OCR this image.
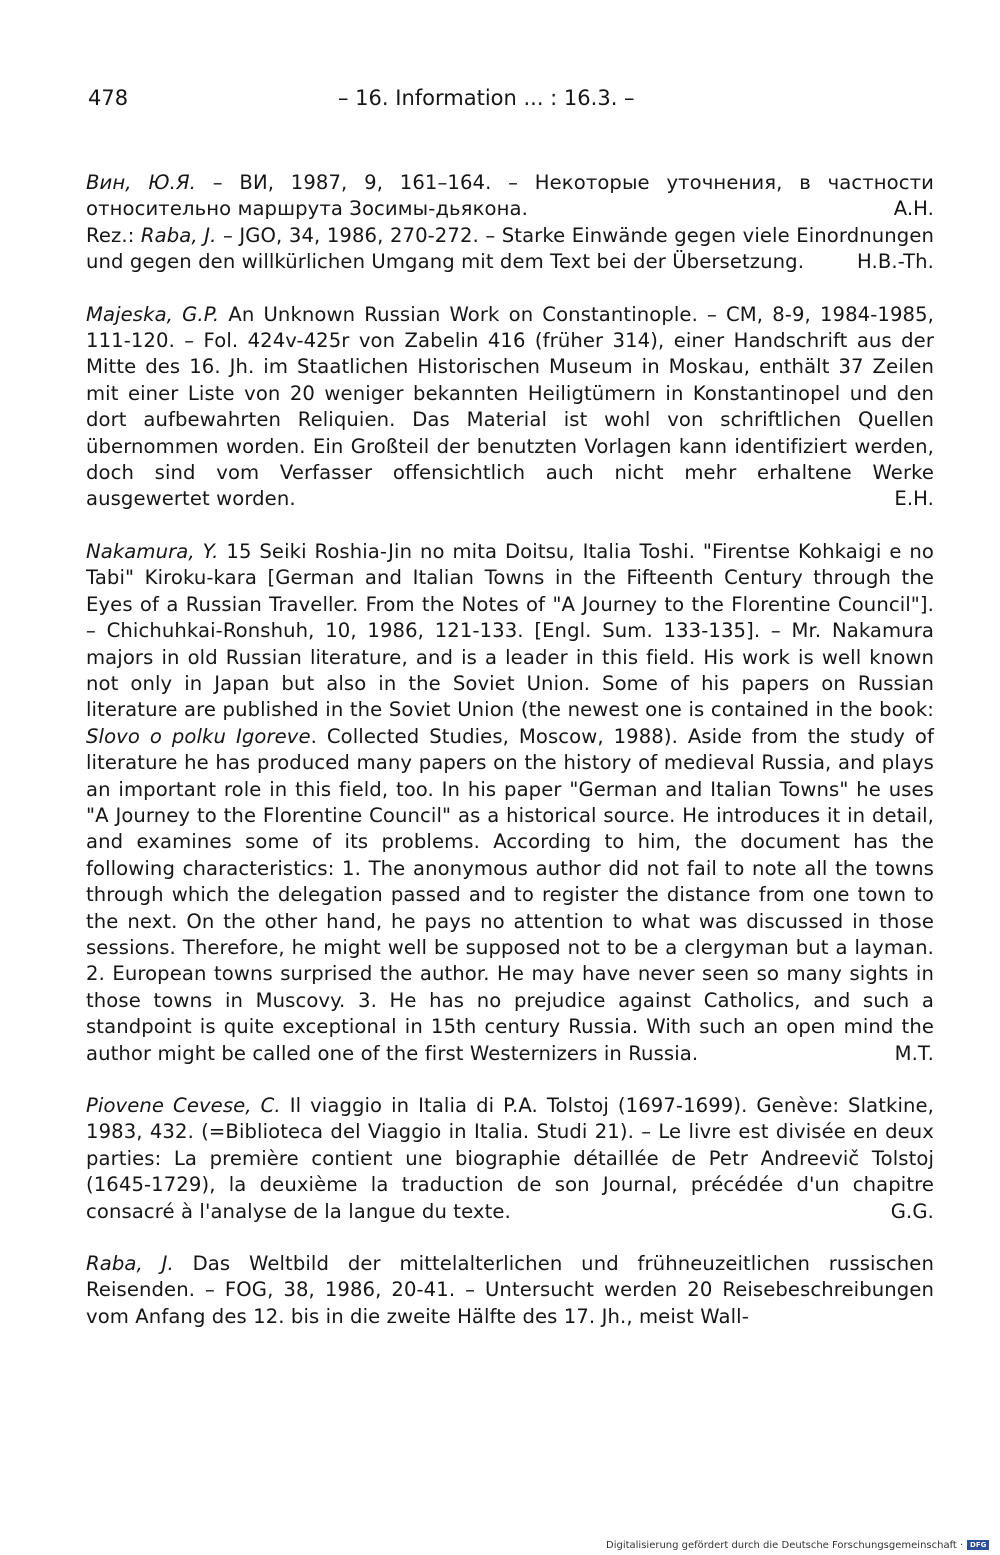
478	– 16. Information ... : 16.3. –

Вин, Ю.Я. – ВИ, 1987, 9, 161–164. – Некоторые уточнения, в частности относительно маршрута Зосимы-дьякона.	A.H.

Rez.: Raba, J. – JGO, 34, 1986, 270-272. – Starke Einwände gegen viele Einordnungen und gegen den willkürlichen Umgang mit dem Text bei der Übersetzung.	H.B.-Th.

Majeska, G.P. An Unknown Russian Work on Constantinople. – CM, 8-9, 1984-1985, 111-120. – Fol. 424v-425r von Zabelin 416 (früher 314), einer Handschrift aus der Mitte des 16. Jh. im Staatlichen Historischen Museum in Moskau, enthält 37 Zeilen mit einer Liste von 20 weniger bekannten Heiligtümern in Konstantinopel und den dort aufbewahrten Reliquien. Das Material ist wohl von schriftlichen Quellen übernommen worden. Ein Großteil der benutzten Vorlagen kann identifiziert werden, doch sind vom Verfasser offensichtlich auch nicht mehr erhaltene Werke ausgewertet worden.	E.H.

Nakamura, Y. 15 Seiki Roshia-Jin no mita Doitsu, Italia Toshi. "Firentse Kohkaigi e no Tabi" Kiroku-kara [German and Italian Towns in the Fifteenth Century through the Eyes of a Russian Traveller. From the Notes of "A Journey to the Florentine Council"]. – Chichuhkai-Ronshuh, 10, 1986, 121-133. [Engl. Sum. 133-135]. – Mr. Nakamura majors in old Russian literature, and is a leader in this field. His work is well known not only in Japan but also in the Soviet Union. Some of his papers on Russian literature are published in the Soviet Union (the newest one is contained in the book: Slovo o polku Igoreve. Collected Studies, Moscow, 1988). Aside from the study of literature he has produced many papers on the history of medieval Russia, and plays an important role in this field, too. In his paper "German and Italian Towns" he uses "A Journey to the Florentine Council" as a historical source. He introduces it in detail, and examines some of its problems. According to him, the document has the following characteristics: 1. The anonymous author did not fail to note all the towns through which the delegation passed and to register the distance from one town to the next. On the other hand, he pays no attention to what was discussed in those sessions. Therefore, he might well be supposed not to be a clergyman but a layman. 2. European towns surprised the author. He may have never seen so many sights in those towns in Muscovy. 3. He has no prejudice against Catholics, and such a standpoint is quite exceptional in 15th century Russia. With such an open mind the author might be called one of the first Westernizers in Russia.	M.T.

Piovene Cevese, C. Il viaggio in Italia di P.A. Tolstoj (1697-1699). Genève: Slatkine, 1983, 432. (=Biblioteca del Viaggio in Italia. Studi 21). – Le livre est divisée en deux parties: La première contient une biographie détaillée de Petr Andreevič Tolstoj (1645-1729), la deuxième la traduction de son Journal, précédée d'un chapitre consacré à l'analyse de la langue du texte.	G.G.

Raba, J. Das Weltbild der mittelalterlichen und frühneuzeitlichen russischen Reisenden. – FOG, 38, 1986, 20-41. – Untersucht werden 20 Reisebeschreibungen vom Anfang des 12. bis in die zweite Hälfte des 17. Jh., meist Wall-

Digitalisierung gefördert durch die Deutsche Forschungsgemeinschaft · DFG
